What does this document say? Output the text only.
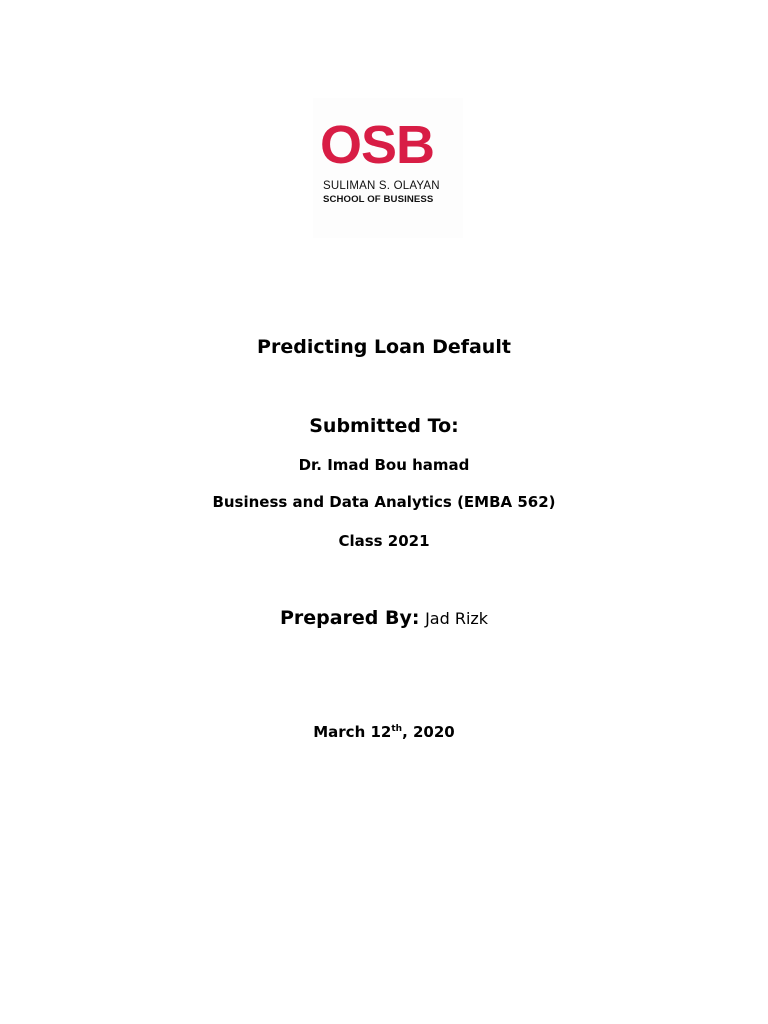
OSB
SULIMAN S. OLAYAN
SCHOOL OF BUSINESS
Predicting Loan Default
Submitted To:
Dr. Imad Bou hamad
Business and Data Analytics (EMBA 562)
Class 2021
Prepared By: Jad Rizk
March 12th, 2020
